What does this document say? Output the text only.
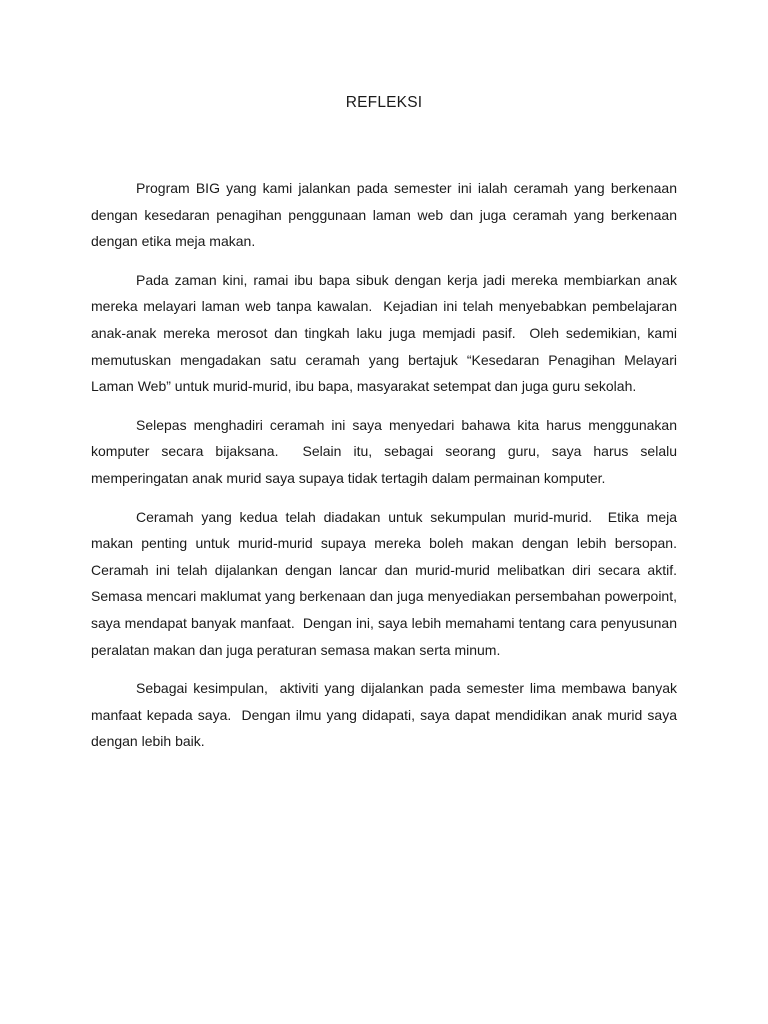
REFLEKSI

Program BIG yang kami jalankan pada semester ini ialah ceramah yang berkenaan dengan kesedaran penagihan penggunaan laman web dan juga ceramah yang berkenaan dengan etika meja makan.

Pada zaman kini, ramai ibu bapa sibuk dengan kerja jadi mereka membiarkan anak mereka melayari laman web tanpa kawalan.  Kejadian ini telah menyebabkan pembelajaran anak-anak mereka merosot dan tingkah laku juga memjadi pasif.  Oleh sedemikian, kami memutuskan mengadakan satu ceramah yang bertajuk “Kesedaran Penagihan Melayari Laman Web” untuk murid-murid, ibu bapa, masyarakat setempat dan juga guru sekolah.

Selepas menghadiri ceramah ini saya menyedari bahawa kita harus menggunakan komputer secara bijaksana.  Selain itu, sebagai seorang guru, saya harus selalu memperingatan anak murid saya supaya tidak tertagih dalam permainan komputer.

Ceramah yang kedua telah diadakan untuk sekumpulan murid-murid.  Etika meja makan penting untuk murid-murid supaya mereka boleh makan dengan lebih bersopan.  Ceramah ini telah dijalankan dengan lancar dan murid-murid melibatkan diri secara aktif.  Semasa mencari maklumat yang berkenaan dan juga menyediakan persembahan powerpoint, saya mendapat banyak manfaat.  Dengan ini, saya lebih memahami tentang cara penyusunan peralatan makan dan juga peraturan semasa makan serta minum.

Sebagai kesimpulan,  aktiviti yang dijalankan pada semester lima membawa banyak manfaat kepada saya.  Dengan ilmu yang didapati, saya dapat mendidikan anak murid saya dengan lebih baik.
